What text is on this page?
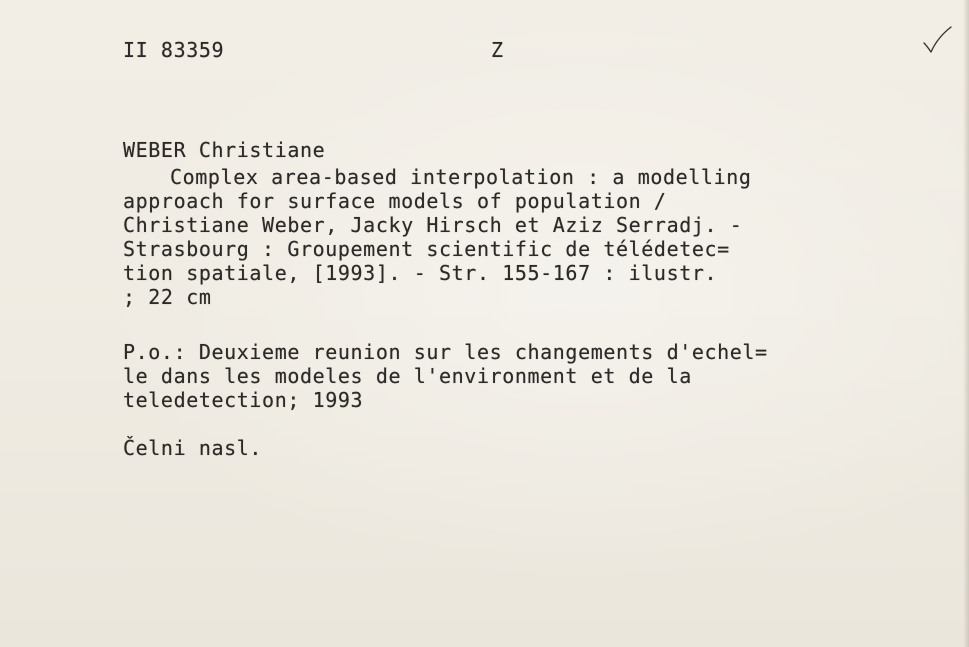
II 83359	Z
WEBER Christiane
Complex area-based interpolation : a modelling
approach for surface models of population /
Christiane Weber, Jacky Hirsch et Aziz Serradj. -
Strasbourg : Groupement scientific de télédetec=
tion spatiale, [1993]. - Str. 155-167 : ilustr.
; 22 cm
P.o.: Deuxieme reunion sur les changements d'echel=
le dans les modeles de l'environment et de la
teledetection; 1993
Čelni nasl.
